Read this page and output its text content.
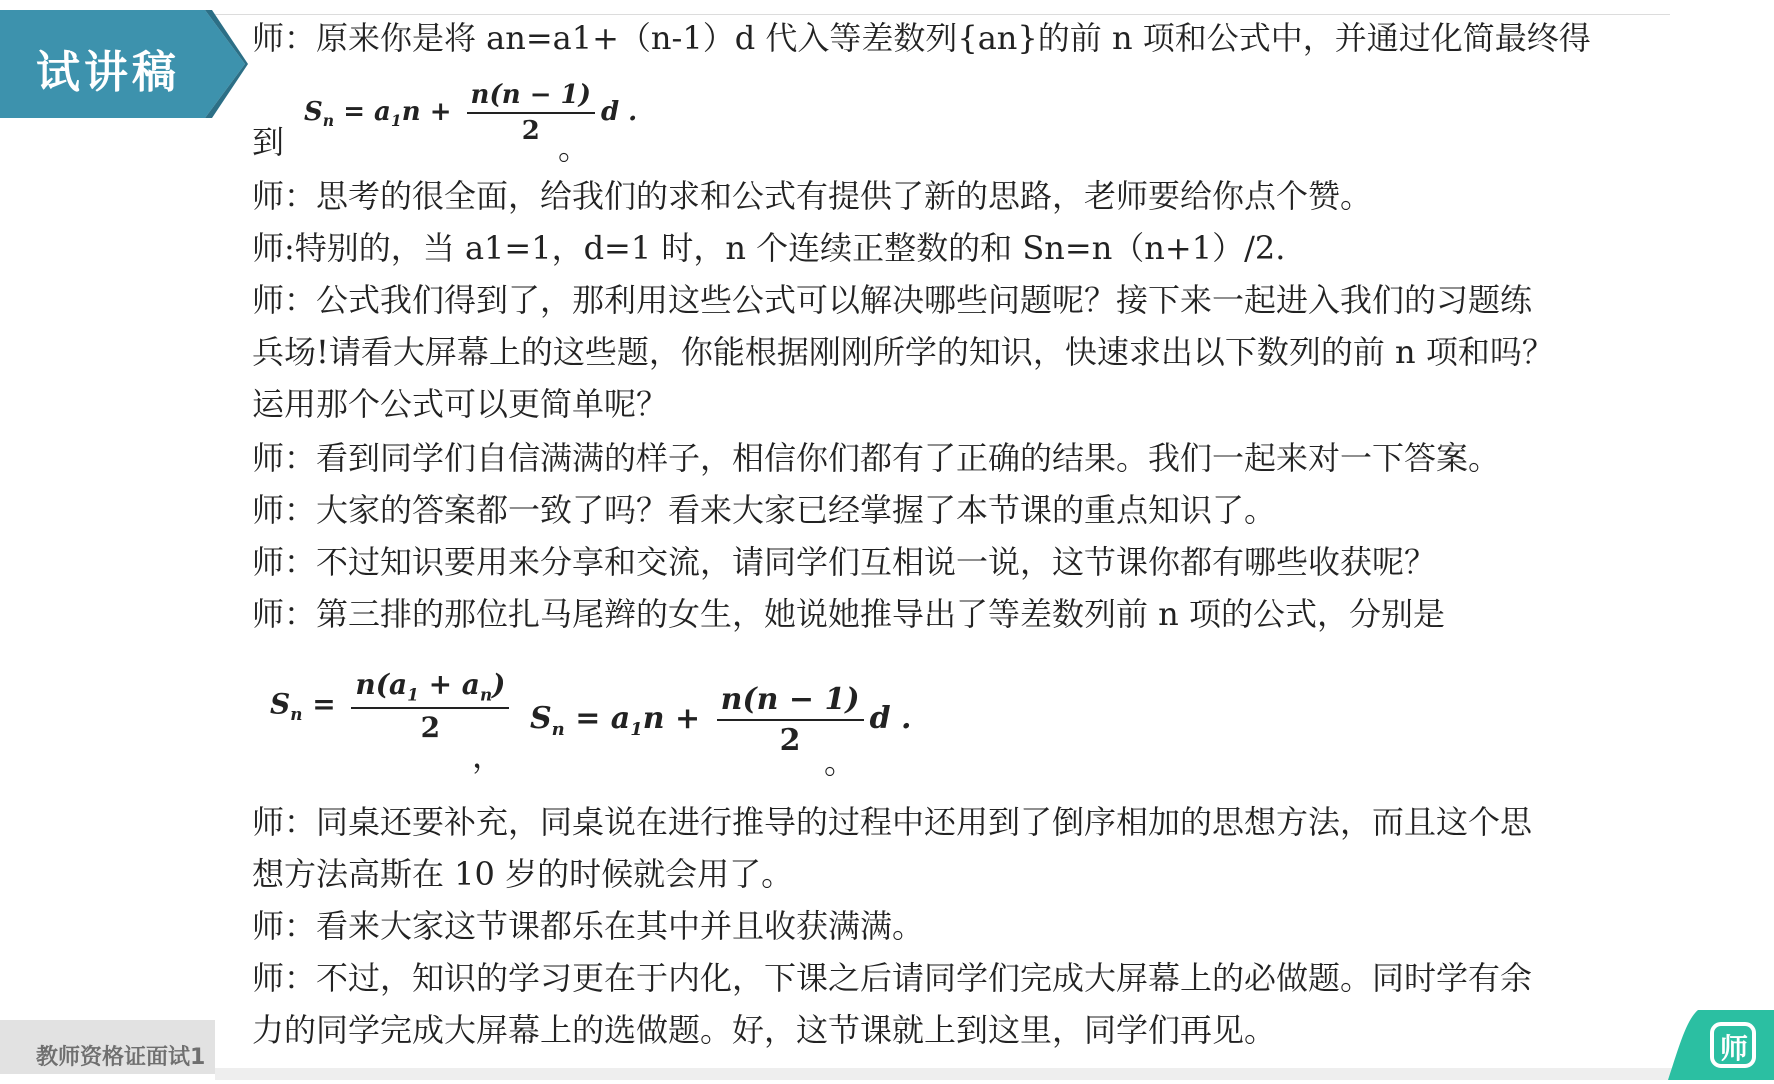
试讲稿
师：原来你是将 an=a1+（n-1）d 代入等差数列{an}的前 n 项和公式中，并通过化简最终得
到
$S_n = a_1n + \frac{n(n - 1)}{2}$ d .
。
师：思考的很全面，给我们的求和公式有提供了新的思路，老师要给你点个赞。
师:特别的，当 a1=1，d=1 时，n 个连续正整数的和 Sn=n（n+1）/2.
师：公式我们得到了，那利用这些公式可以解决哪些问题呢？接下来一起进入我们的习题练
兵场!请看大屏幕上的这些题，你能根据刚刚所学的知识，快速求出以下数列的前 n 项和吗？
运用那个公式可以更简单呢？
师：看到同学们自信满满的样子，相信你们都有了正确的结果。我们一起来对一下答案。
师：大家的答案都一致了吗？看来大家已经掌握了本节课的重点知识了。
师：不过知识要用来分享和交流，请同学们互相说一说，这节课你都有哪些收获呢？
师：第三排的那位扎马尾辫的女生，她说她推导出了等差数列前 n 项的公式，分别是
$S_n = \frac{n(a_1 + a_n)}{2}$
，
$S_n = a_1n + \frac{n(n - 1)}{2}$ d .
。
师：同桌还要补充，同桌说在进行推导的过程中还用到了倒序相加的思想方法，而且这个思
想方法高斯在 10 岁的时候就会用了。
师：看来大家这节课都乐在其中并且收获满满。
师：不过，知识的学习更在于内化，下课之后请同学们完成大屏幕上的必做题。同时学有余
力的同学完成大屏幕上的选做题。好，这节课就上到这里，同学们再见。
教师资格证面试1	师
